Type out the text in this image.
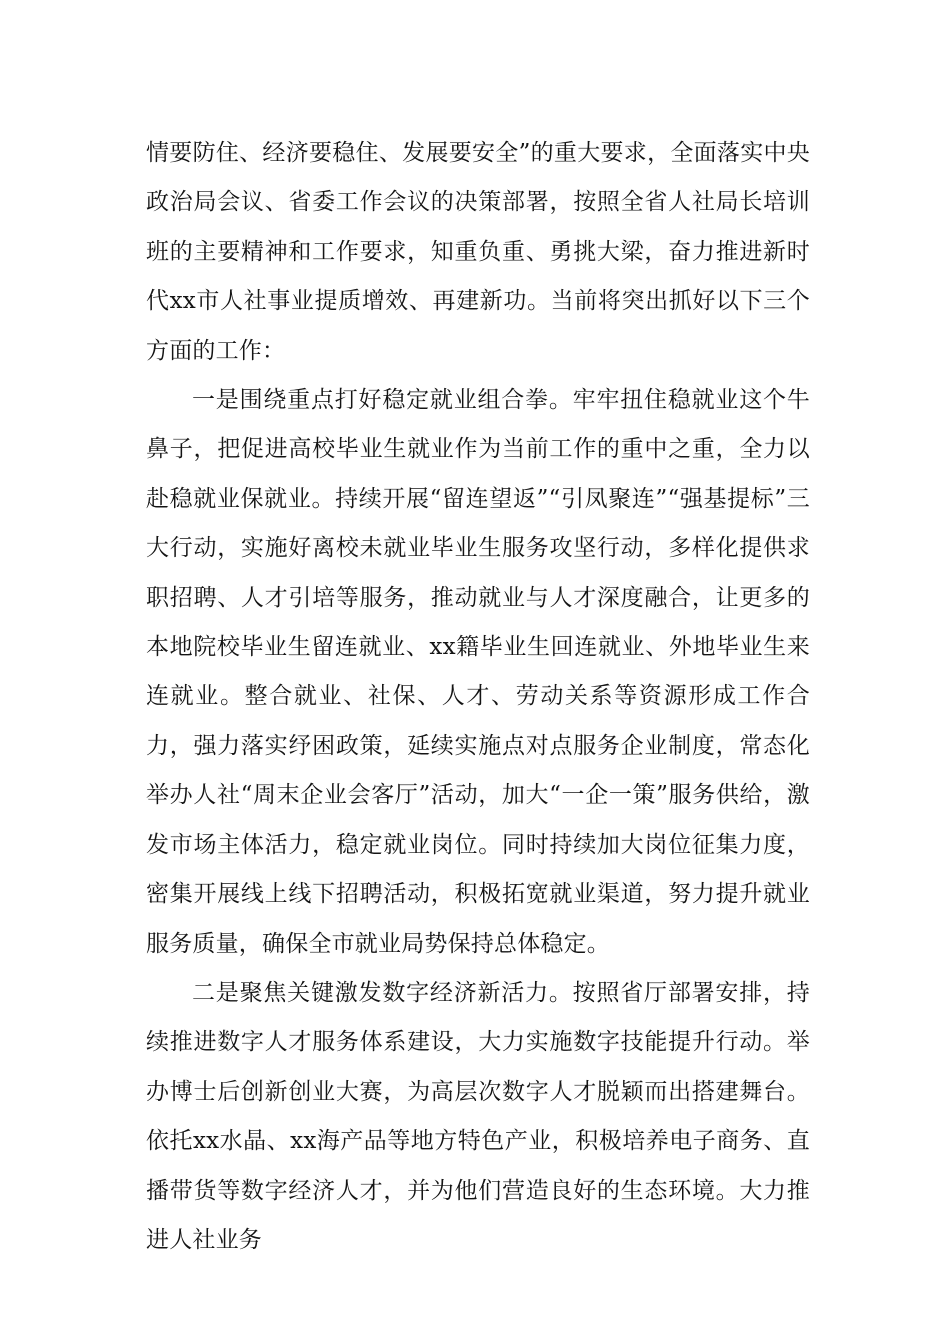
情要防住、经济要稳住、发展要安全”的重大要求，全面落实中央政治局会议、省委工作会议的决策部署，按照全省人社局长培训班的主要精神和工作要求，知重负重、勇挑大梁，奋力推进新时代xx市人社事业提质增效、再建新功。当前将突出抓好以下三个方面的工作：

一是围绕重点打好稳定就业组合拳。牢牢扭住稳就业这个牛鼻子，把促进高校毕业生就业作为当前工作的重中之重，全力以赴稳就业保就业。持续开展“留连望返”“引凤聚连”“强基提标”三大行动，实施好离校未就业毕业生服务攻坚行动，多样化提供求职招聘、人才引培等服务，推动就业与人才深度融合，让更多的本地院校毕业生留连就业、xx籍毕业生回连就业、外地毕业生来连就业。整合就业、社保、人才、劳动关系等资源形成工作合力，强力落实纾困政策，延续实施点对点服务企业制度，常态化举办人社“周末企业会客厅”活动，加大“一企一策”服务供给，激发市场主体活力，稳定就业岗位。同时持续加大岗位征集力度，密集开展线上线下招聘活动，积极拓宽就业渠道，努力提升就业服务质量，确保全市就业局势保持总体稳定。

二是聚焦关键激发数字经济新活力。按照省厅部署安排，持续推进数字人才服务体系建设，大力实施数字技能提升行动。举办博士后创新创业大赛，为高层次数字人才脱颖而出搭建舞台。依托xx水晶、xx海产品等地方特色产业，积极培养电子商务、直播带货等数字经济人才，并为他们营造良好的生态环境。大力推进人社业务
